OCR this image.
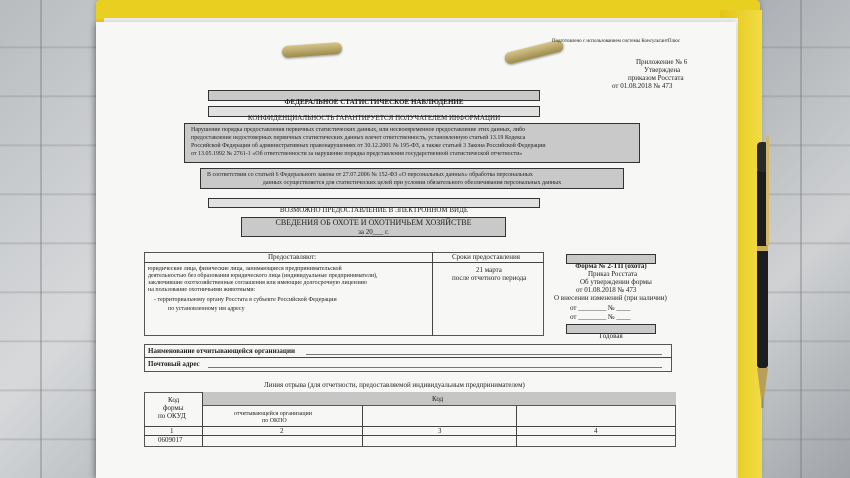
Подготовлено с использованием системы КонсультантПлюс
Приложение № 6
Утверждена
приказом Росстата
от 01.08.2018 № 473
ФЕДЕРАЛЬНОЕ СТАТИСТИЧЕСКОЕ НАБЛЮДЕНИЕ
КОНФИДЕНЦИАЛЬНОСТЬ ГАРАНТИРУЕТСЯ ПОЛУЧАТЕЛЕМ ИНФОРМАЦИИ
Нарушение порядка предоставления первичных статистических данных, или несвоевременное предоставление этих данных, либо
предоставление недостоверных первичных статистических данных влечет ответственность, установленную статьей 13.19 Кодекса
Российской Федерации об административных правонарушениях от 30.12.2001 № 195-ФЗ, а также статьей 3 Закона Российской Федерации
от 13.05.1992 № 2761-1 «Об ответственности за нарушение порядка представления государственной статистической отчетности»
В соответствии со статьей 6 Федерального закона от 27.07.2006 № 152-ФЗ «О персональных данных» обработка персональных
данных осуществляется для статистических целей при условии обязательного обезличивания персональных данных
ВОЗМОЖНО ПРЕДОСТАВЛЕНИЕ В ЭЛЕКТРОННОМ ВИДЕ
СВЕДЕНИЯ ОБ ОХОТЕ И ОХОТНИЧЬЕМ ХОЗЯЙСТВЕ
за 20___ г.
Предоставляют:	Сроки предоставления
юридические лица, физические лица, занимающиеся предпринимательской
деятельностью без образования юридического лица (индивидуальные предприниматели),
заключившие охотхозяйственные соглашения или имеющие долгосрочную лицензию
на пользование охотничьими животными:
- территориальному органу Росстата в субъекте Российской Федерации
по установленному им адресу
21 марта
после отчетного периода
Форма № 2-ТП (охота)
Приказ Росстата
Об утверждении формы
от 01.08.2018 № 473
О внесении изменений (при наличии)
от ________ № ____
от ________ № ____
Годовая
Наименование отчитывающейся организации
Почтовый адрес
Линия отрыва (для отчетности, предоставляемой индивидуальным предпринимателем)
Код
формы
по ОКУД
Код
отчитывающейся организации
по ОКПО
1	2	3	4
0609017
